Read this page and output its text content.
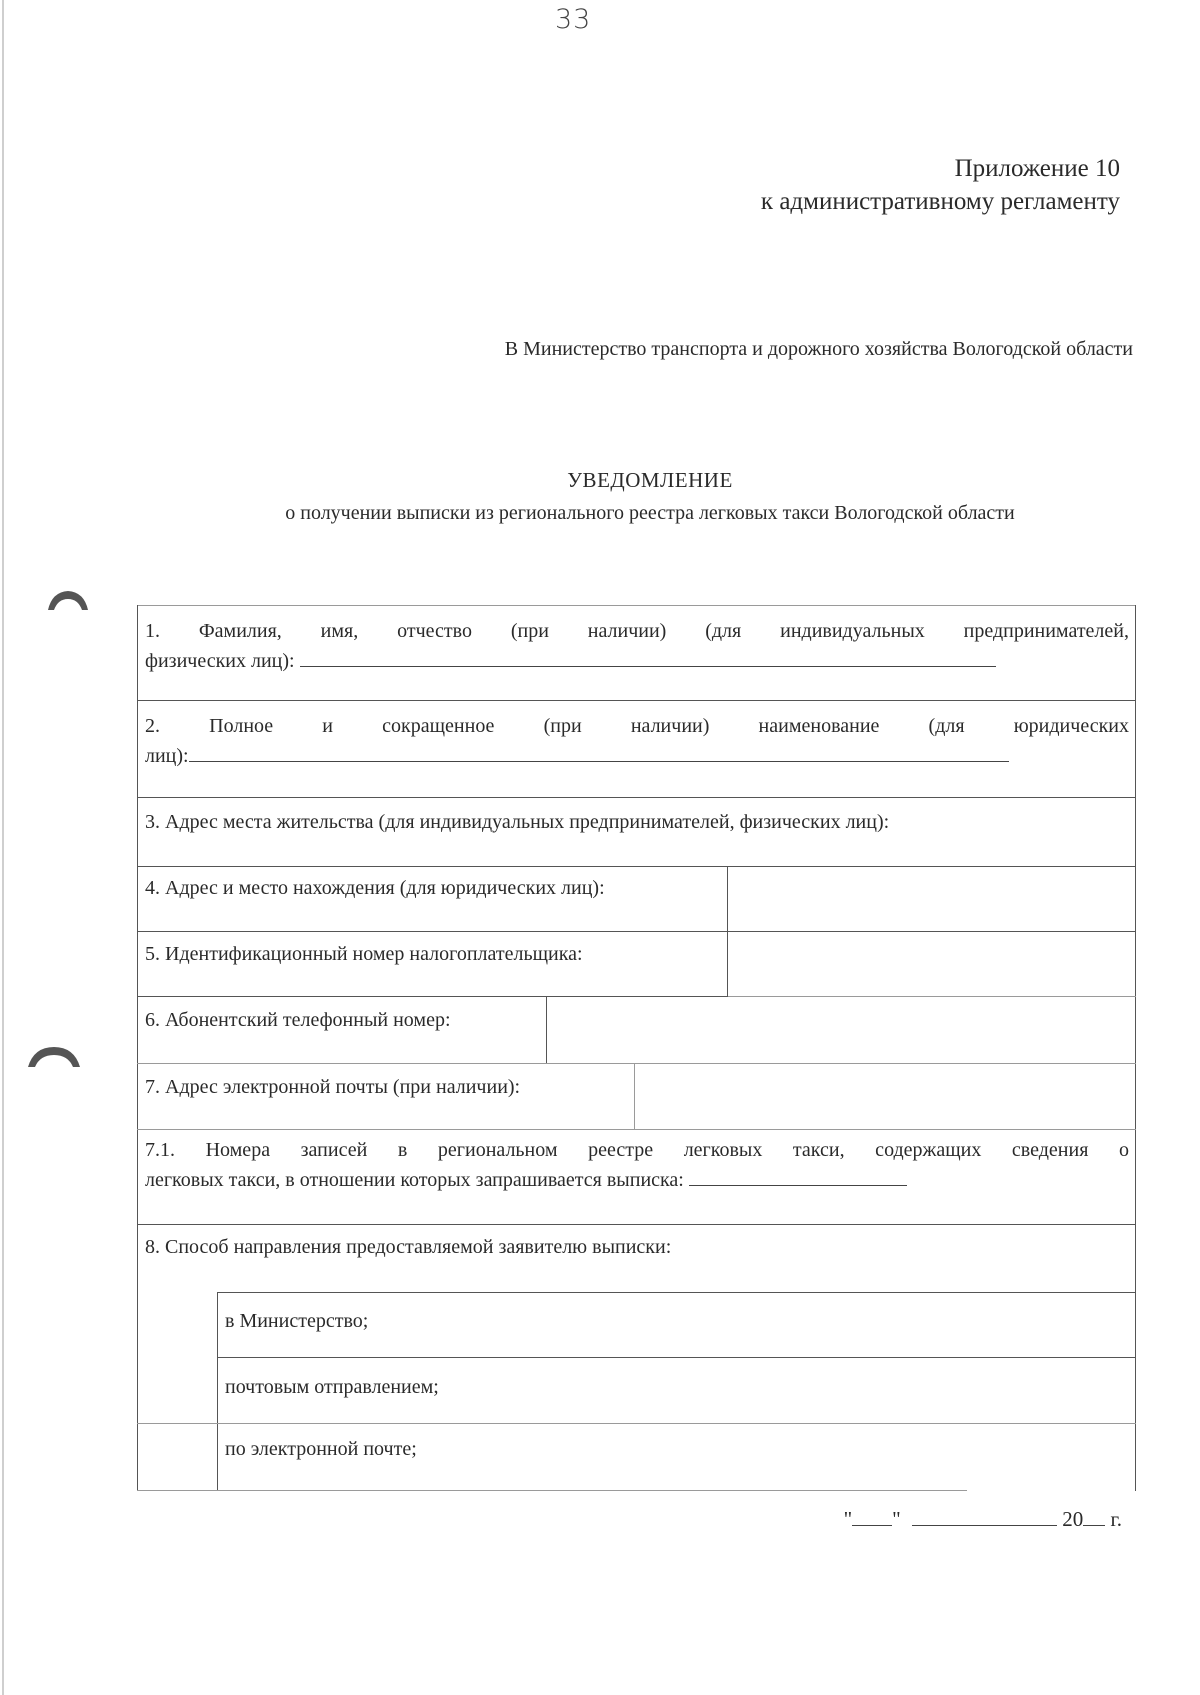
33
Приложение 10
к административному регламенту
В Министерство транспорта и дорожного хозяйства Вологодской области
УВЕДОМЛЕНИЕ
о получении выписки из регионального реестра легковых такси Вологодской области
1. Фамилия, имя, отчество (при наличии) (для индивидуальных предпринимателей,
физических лиц):
2. Полное и сокращенное (при наличии) наименование (для юридических
лиц):
3. Адрес места жительства (для индивидуальных предпринимателей, физических лиц):
4. Адрес и место нахождения (для юридических лиц):
5. Идентификационный номер налогоплательщика:
6. Абонентский телефонный номер:
7. Адрес электронной почты (при наличии):
7.1. Номера записей в региональном реестре легковых такси, содержащих сведения о
легковых такси, в отношении которых запрашивается выписка:
8. Способ направления предоставляемой заявителю выписки:
в Министерство;
почтовым отправлением;
по электронной почте;
" "	20 г.
